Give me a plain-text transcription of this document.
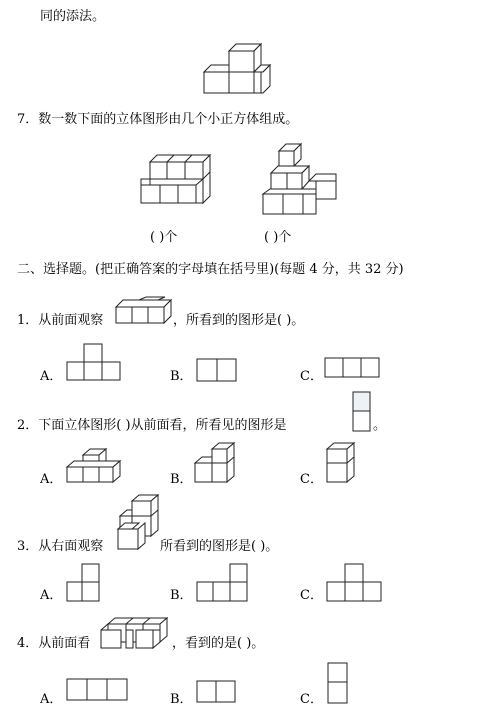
同的添法。
7．数一数下面的立体图形由几个小正方体组成。
( )个	( )个
二、选择题。(把正确答案的字母填在括号里)(每题 4 分，共 32 分)
1．从前面观察	，所看到的图形是( )。
A．	B．	C．
2．下面立体图形( )从前面看，所看见的图形是	。
A．	B．	C．
3．从右面观察	所看到的图形是( )。
A．	B．	C．
4．从前面看	，看到的是( )。
A．	B．	C．
